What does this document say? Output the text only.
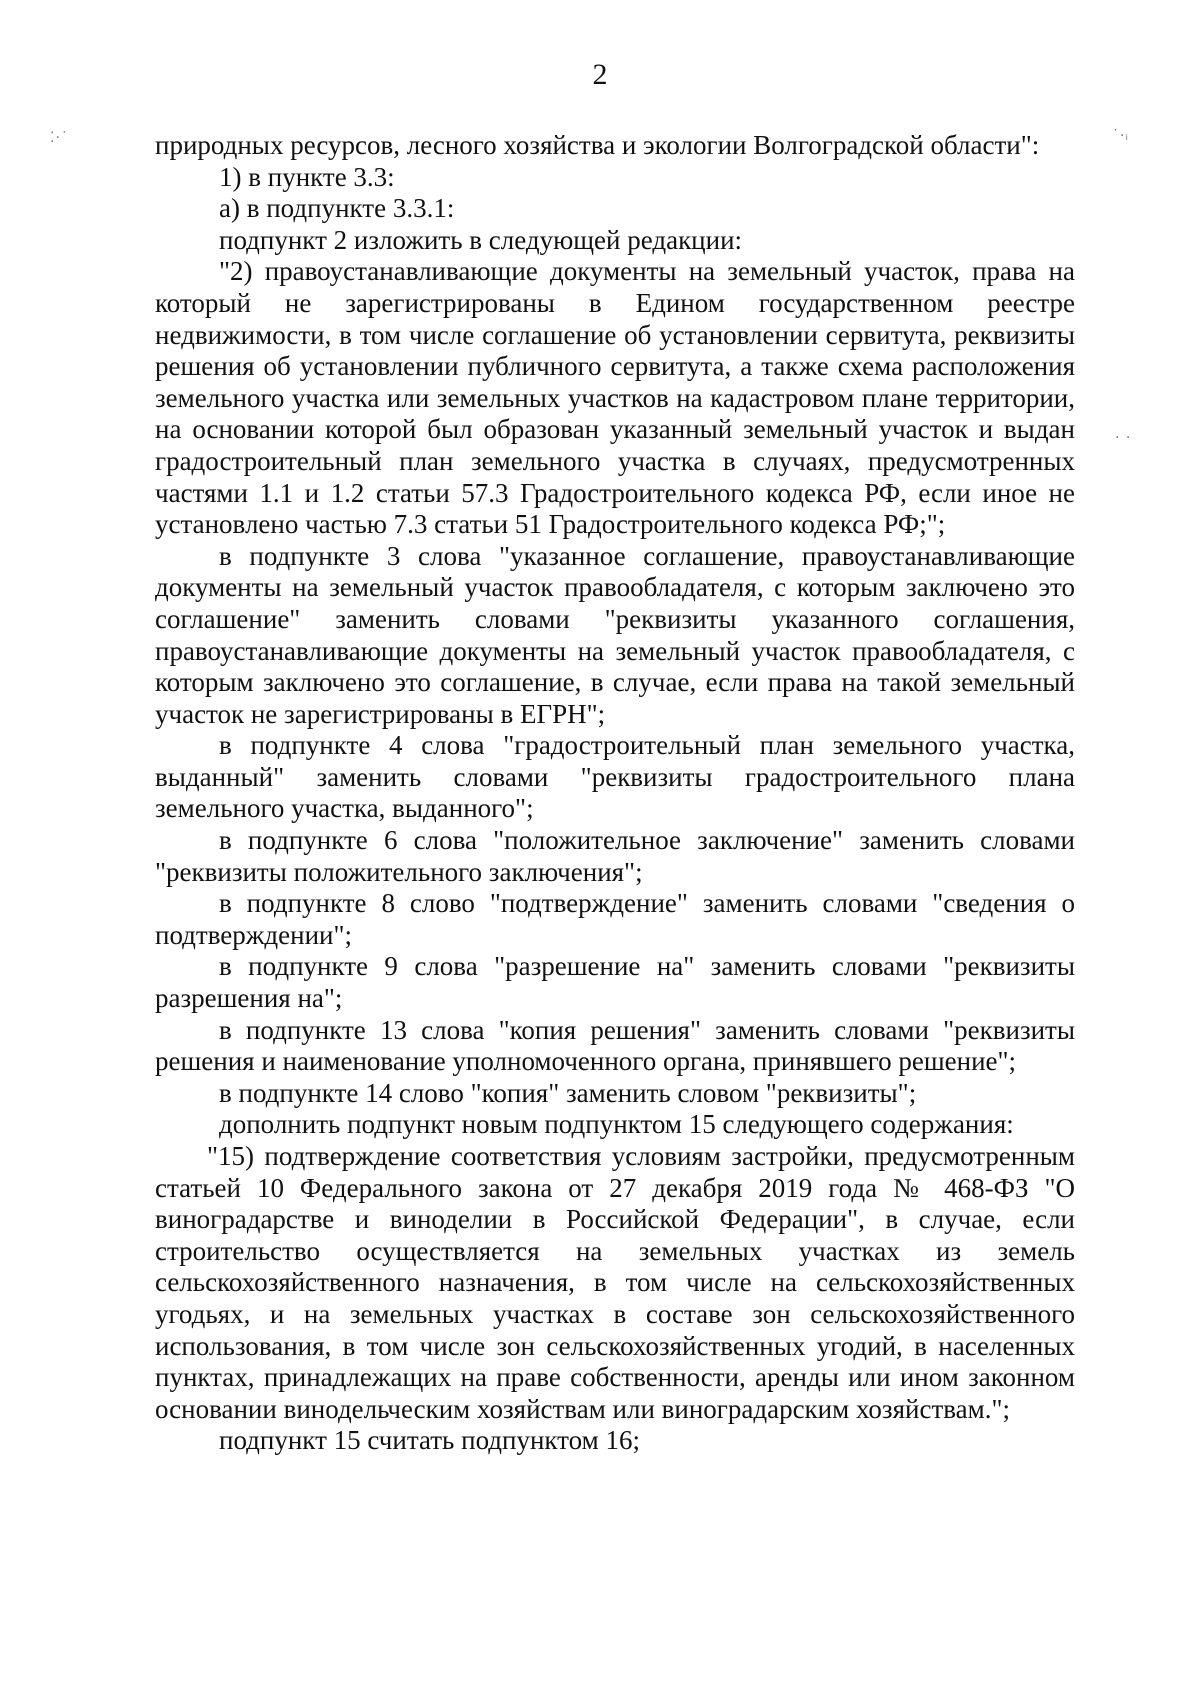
2
⁚·˙	˙·ᵢ
· ·

природных ресурсов, лесного хозяйства и экологии Волгоградской области":

1) в пункте 3.3:

а) в подпункте 3.3.1:

подпункт 2 изложить в следующей редакции:

"2) правоустанавливающие документы на земельный участок, права на который не зарегистрированы в Едином государственном реестре недвижимости, в том числе соглашение об установлении сервитута, реквизиты решения об установлении публичного сервитута, а также схема расположения земельного участка или земельных участков на кадастровом плане территории, на основании которой был образован указанный земельный участок и выдан градостроительный план земельного участка в случаях, предусмотренных частями 1.1 и 1.2 статьи 57.3 Градостроительного кодекса РФ, если иное не установлено частью 7.3 статьи 51 Градостроительного кодекса РФ;";

в подпункте 3 слова "указанное соглашение, правоустанавливающие документы на земельный участок правообладателя, с которым заключено это соглашение" заменить словами "реквизиты указанного соглашения, правоустанавливающие документы на земельный участок правообладателя, с которым заключено это соглашение, в случае, если права на такой земельный участок не зарегистрированы в ЕГРН";

в подпункте 4 слова "градостроительный план земельного участка, выданный" заменить словами "реквизиты градостроительного плана земельного участка, выданного";

в подпункте 6 слова "положительное заключение" заменить словами "реквизиты положительного заключения";

в подпункте 8 слово "подтверждение" заменить словами "сведения о подтверждении";

в подпункте 9 слова "разрешение на" заменить словами "реквизиты разрешения на";

в подпункте 13 слова "копия решения" заменить словами "реквизиты решения и наименование уполномоченного органа, принявшего решение";

в подпункте 14 слово "копия" заменить словом "реквизиты";

дополнить подпункт новым подпунктом 15 следующего содержания:

"15) подтверждение соответствия условиям застройки, предусмотренным статьей 10 Федерального закона от 27 декабря 2019 года № 468-ФЗ "О виноградарстве и виноделии в Российской Федерации", в случае, если строительство осуществляется на земельных участках из земель сельскохозяйственного назначения, в том числе на сельскохозяйственных угодьях, и на земельных участках в составе зон сельскохозяйственного использования, в том числе зон сельскохозяйственных угодий, в населенных пунктах, принадлежащих на праве собственности, аренды или ином законном основании винодельческим хозяйствам или виноградарским хозяйствам.";

подпункт 15 считать подпунктом 16;
